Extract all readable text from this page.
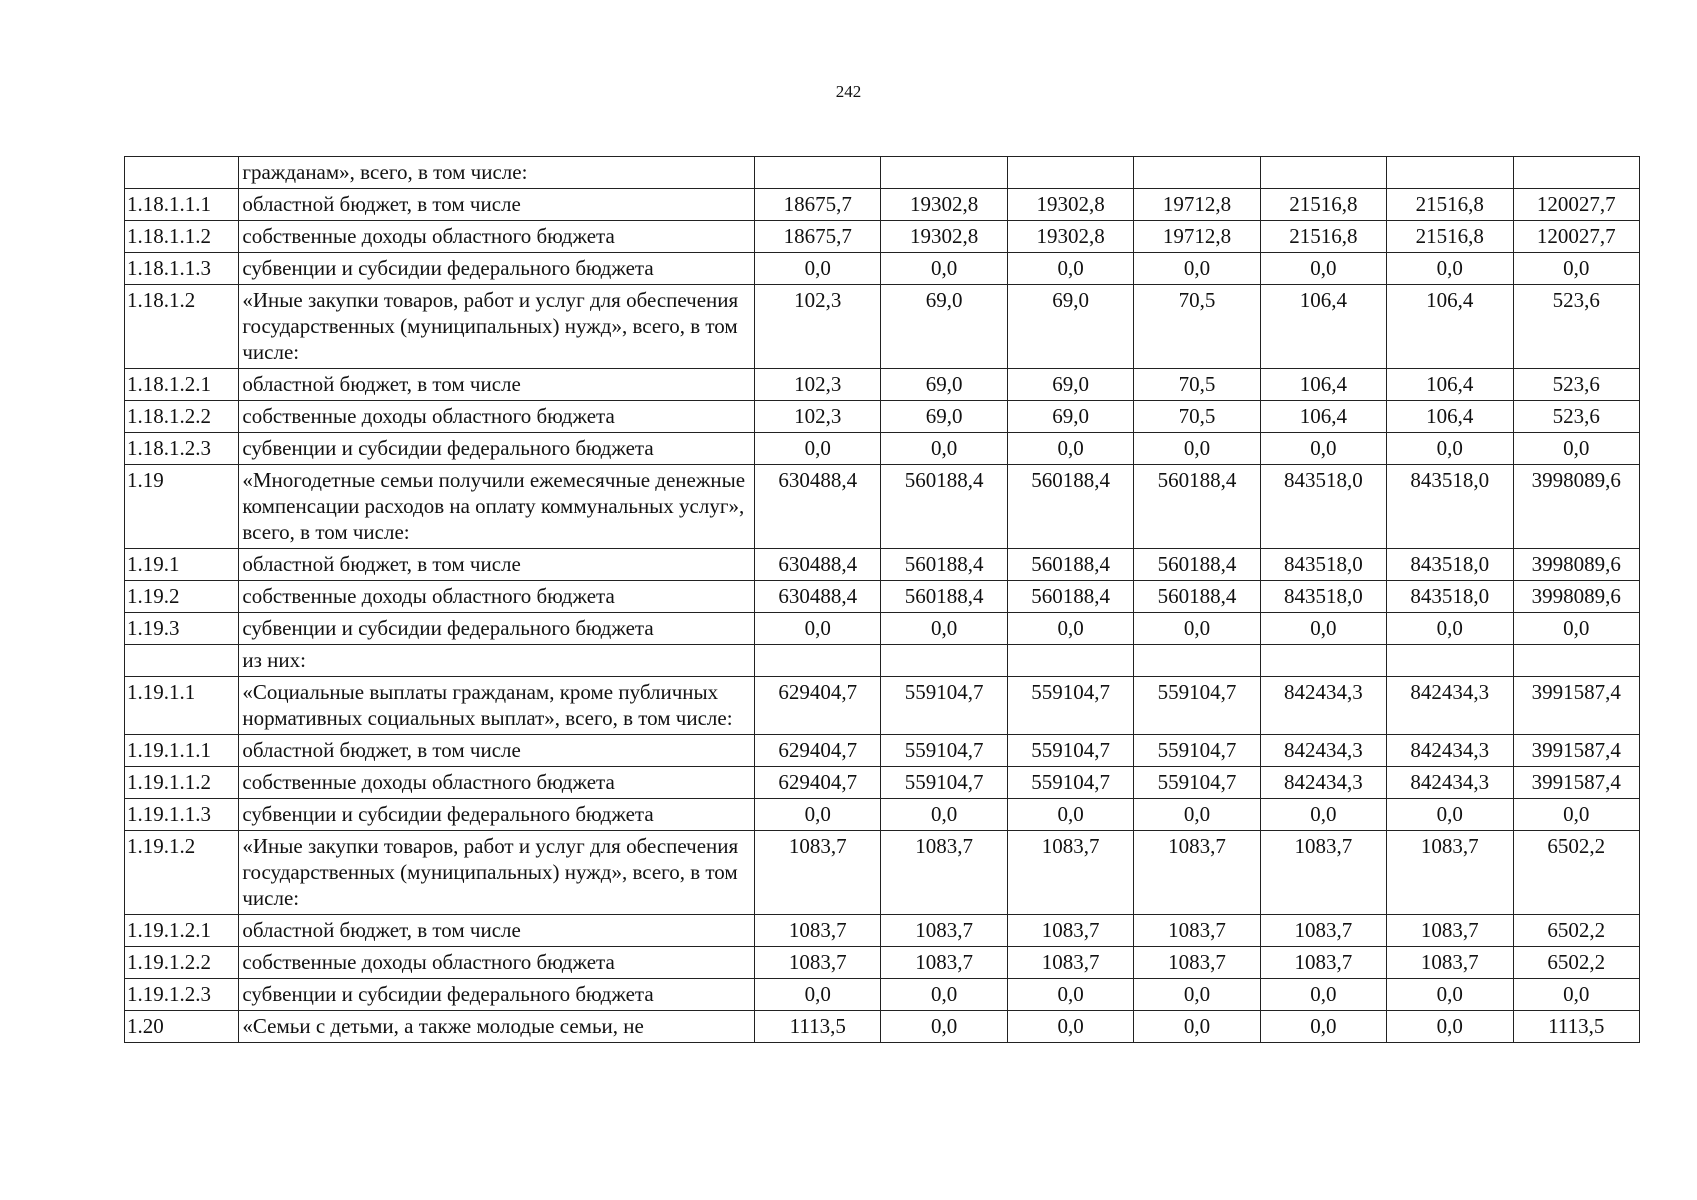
242
	гражданам», всего, в том числе:							
1.18.1.1.1	областной бюджет, в том числе	18675,7	19302,8	19302,8	19712,8	21516,8	21516,8	120027,7
1.18.1.1.2	собственные доходы областного бюджета	18675,7	19302,8	19302,8	19712,8	21516,8	21516,8	120027,7
1.18.1.1.3	субвенции и субсидии федерального бюджета	0,0	0,0	0,0	0,0	0,0	0,0	0,0
1.18.1.2	«Иные закупки товаров, работ и услуг для обеспечения государственных (муниципальных) нужд», всего, в том числе:	102,3	69,0	69,0	70,5	106,4	106,4	523,6
1.18.1.2.1	областной бюджет, в том числе	102,3	69,0	69,0	70,5	106,4	106,4	523,6
1.18.1.2.2	собственные доходы областного бюджета	102,3	69,0	69,0	70,5	106,4	106,4	523,6
1.18.1.2.3	субвенции и субсидии федерального бюджета	0,0	0,0	0,0	0,0	0,0	0,0	0,0
1.19	«Многодетные семьи получили ежемесячные денежные компенсации расходов на оплату коммунальных услуг», всего, в том числе:	630488,4	560188,4	560188,4	560188,4	843518,0	843518,0	3998089,6
1.19.1	областной бюджет, в том числе	630488,4	560188,4	560188,4	560188,4	843518,0	843518,0	3998089,6
1.19.2	собственные доходы областного бюджета	630488,4	560188,4	560188,4	560188,4	843518,0	843518,0	3998089,6
1.19.3	субвенции и субсидии федерального бюджета	0,0	0,0	0,0	0,0	0,0	0,0	0,0
	из них:							
1.19.1.1	«Социальные выплаты гражданам, кроме публичных нормативных социальных выплат», всего, в том числе:	629404,7	559104,7	559104,7	559104,7	842434,3	842434,3	3991587,4
1.19.1.1.1	областной бюджет, в том числе	629404,7	559104,7	559104,7	559104,7	842434,3	842434,3	3991587,4
1.19.1.1.2	собственные доходы областного бюджета	629404,7	559104,7	559104,7	559104,7	842434,3	842434,3	3991587,4
1.19.1.1.3	субвенции и субсидии федерального бюджета	0,0	0,0	0,0	0,0	0,0	0,0	0,0
1.19.1.2	«Иные закупки товаров, работ и услуг для обеспечения государственных (муниципальных) нужд», всего, в том числе:	1083,7	1083,7	1083,7	1083,7	1083,7	1083,7	6502,2
1.19.1.2.1	областной бюджет, в том числе	1083,7	1083,7	1083,7	1083,7	1083,7	1083,7	6502,2
1.19.1.2.2	собственные доходы областного бюджета	1083,7	1083,7	1083,7	1083,7	1083,7	1083,7	6502,2
1.19.1.2.3	субвенции и субсидии федерального бюджета	0,0	0,0	0,0	0,0	0,0	0,0	0,0
1.20	«Семьи с детьми, а также молодые семьи, не	1113,5	0,0	0,0	0,0	0,0	0,0	1113,5
